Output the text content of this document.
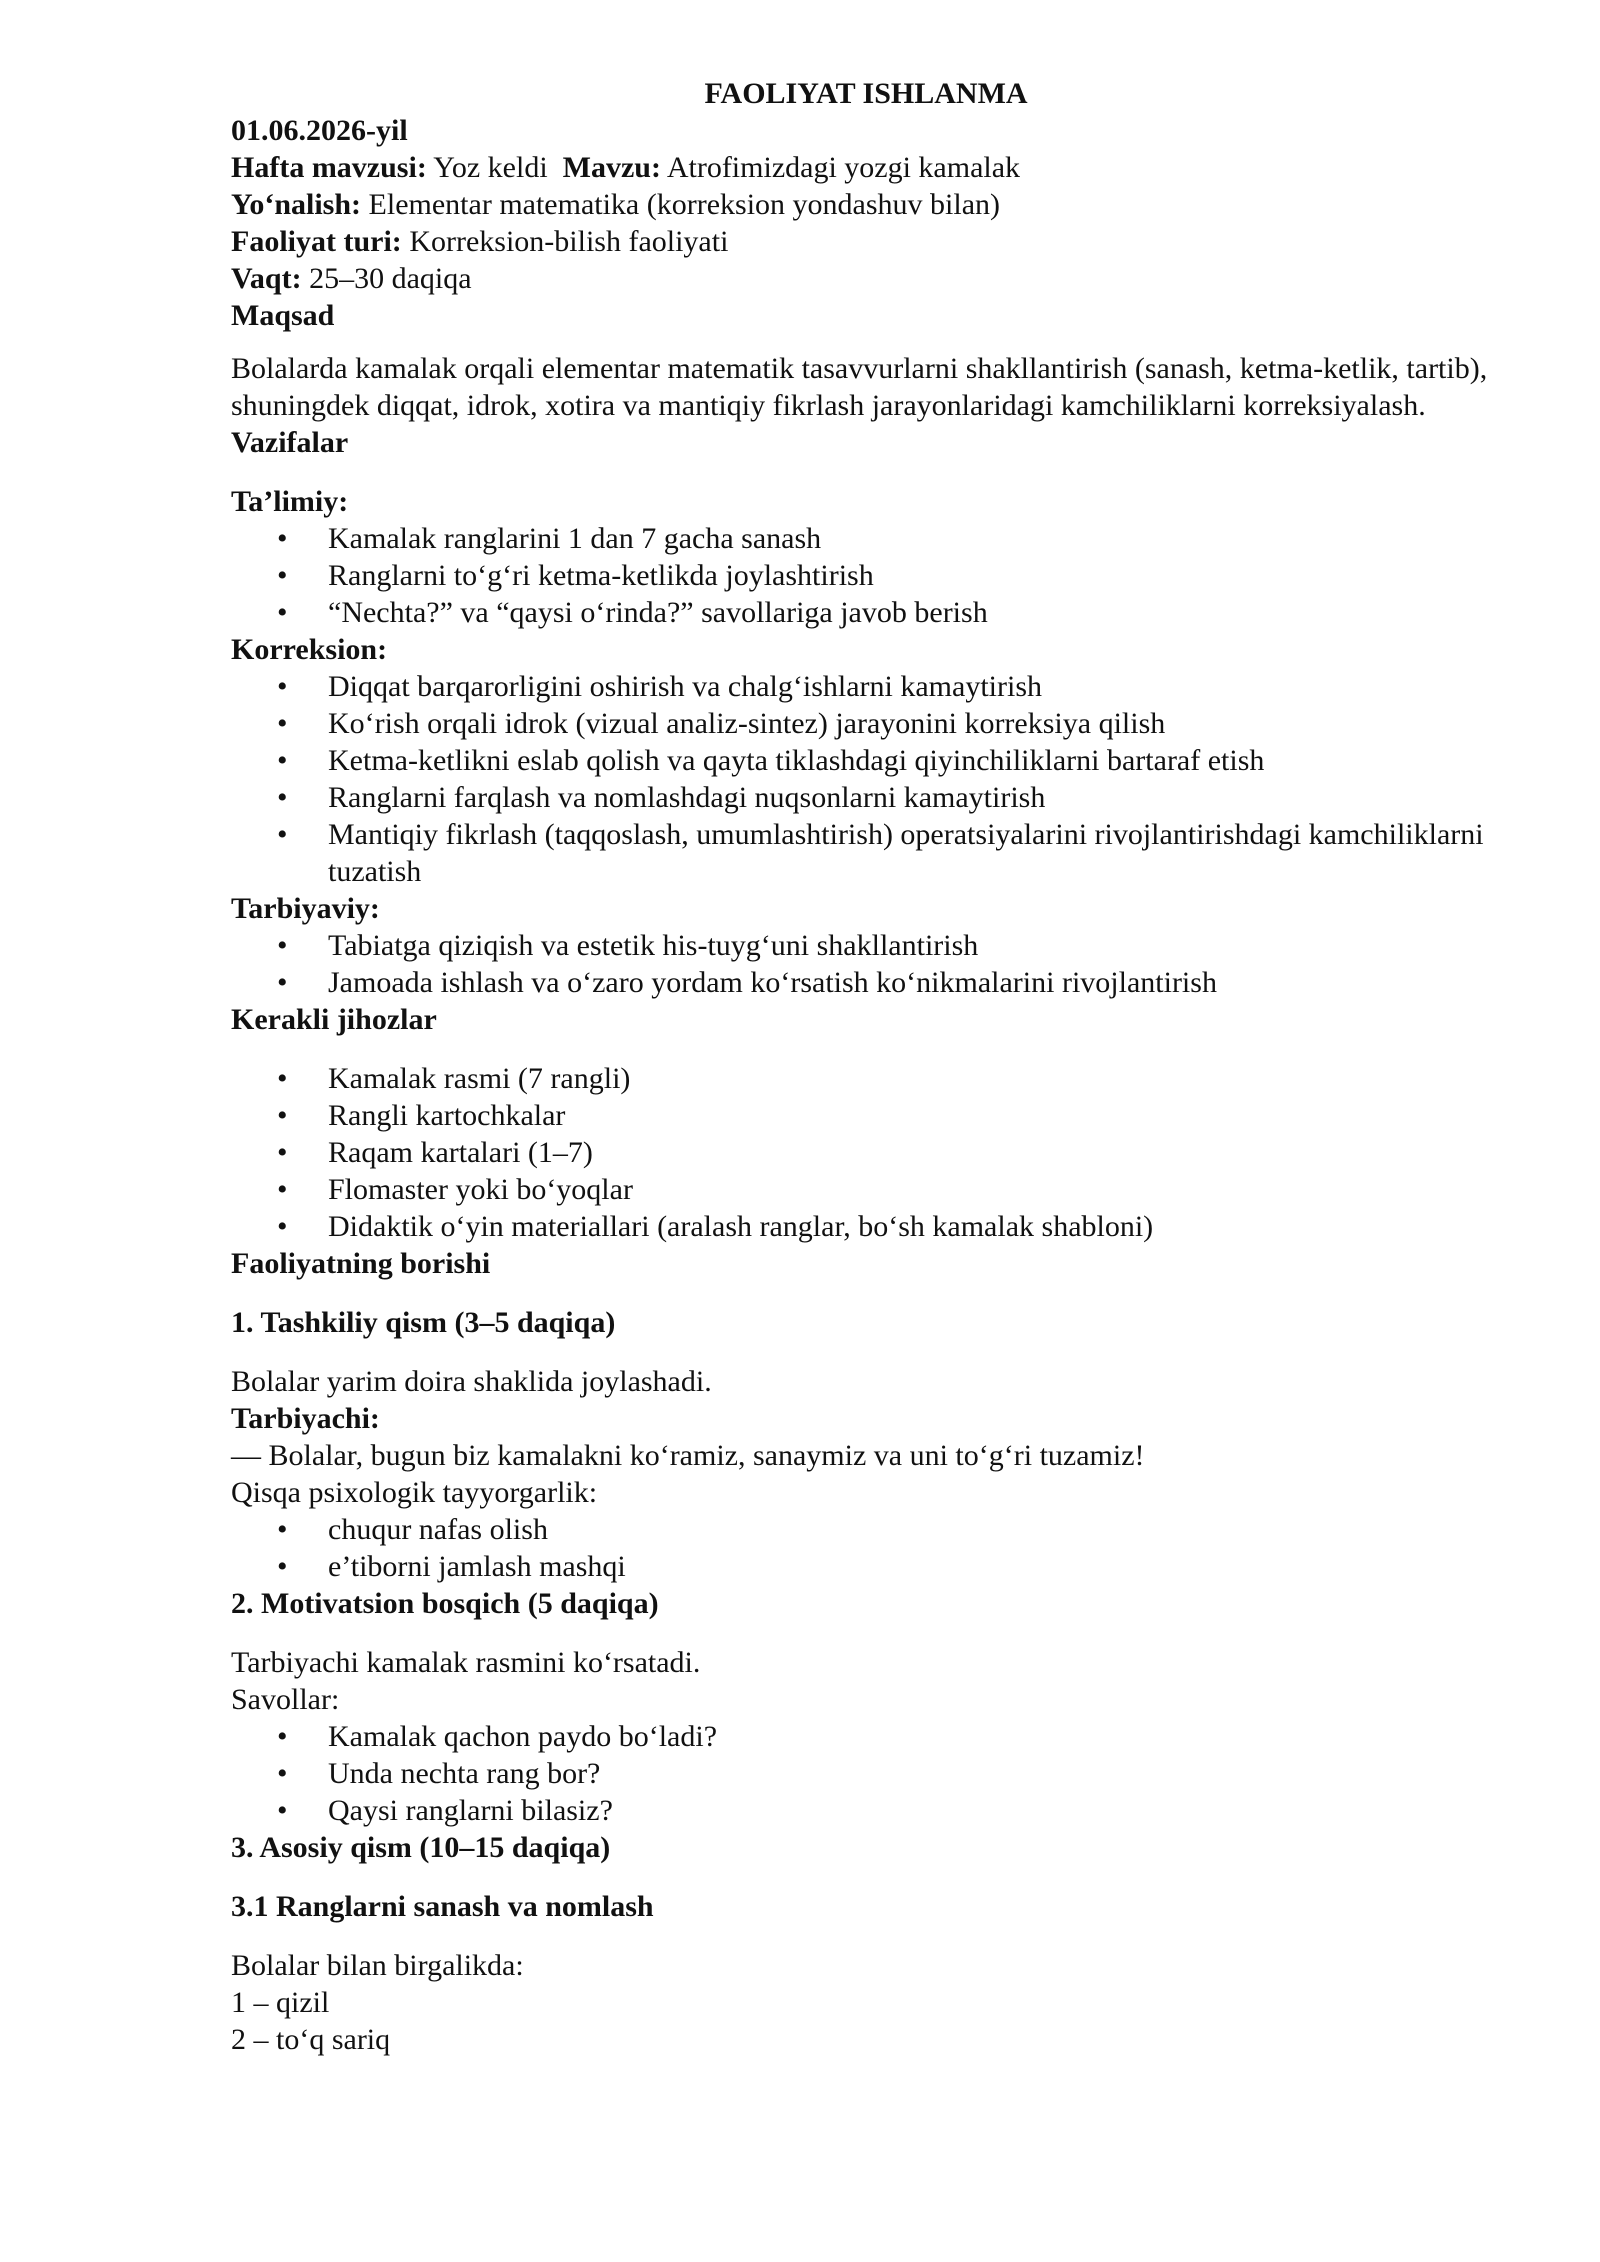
FAOLIYAT ISHLANMA

01.06.2026-yil

Hafta mavzusi: Yoz keldi  Mavzu: Atrofimizdagi yozgi kamalak

Yo‘nalish: Elementar matematika (korreksion yondashuv bilan)

Faoliyat turi: Korreksion-bilish faoliyati

Vaqt: 25–30 daqiqa

Maqsad

Bolalarda kamalak orqali elementar matematik tasavvurlarni shakllantirish (sanash, ketma-ketlik, tartib), shuningdek diqqat, idrok, xotira va mantiqiy fikrlash jarayonlaridagi kamchiliklarni korreksiyalash.

Vazifalar

Ta’limiy:

• Kamalak ranglarini 1 dan 7 gacha sanash
• Ranglarni to‘g‘ri ketma-ketlikda joylashtirish
• “Nechta?” va “qaysi o‘rinda?” savollariga javob berish

Korreksion:

• Diqqat barqarorligini oshirish va chalg‘ishlarni kamaytirish
• Ko‘rish orqali idrok (vizual analiz-sintez) jarayonini korreksiya qilish
• Ketma-ketlikni eslab qolish va qayta tiklashdagi qiyinchiliklarni bartaraf etish
• Ranglarni farqlash va nomlashdagi nuqsonlarni kamaytirish
• Mantiqiy fikrlash (taqqoslash, umumlashtirish) operatsiyalarini rivojlantirishdagi kamchiliklarni tuzatish

Tarbiyaviy:

• Tabiatga qiziqish va estetik his-tuyg‘uni shakllantirish
• Jamoada ishlash va o‘zaro yordam ko‘rsatish ko‘nikmalarini rivojlantirish

Kerakli jihozlar

• Kamalak rasmi (7 rangli)
• Rangli kartochkalar
• Raqam kartalari (1–7)
• Flomaster yoki bo‘yoqlar
• Didaktik o‘yin materiallari (aralash ranglar, bo‘sh kamalak shabloni)

Faoliyatning borishi

1. Tashkiliy qism (3–5 daqiqa)

Bolalar yarim doira shaklida joylashadi.

Tarbiyachi:

— Bolalar, bugun biz kamalakni ko‘ramiz, sanaymiz va uni to‘g‘ri tuzamiz!

Qisqa psixologik tayyorgarlik:

• chuqur nafas olish
• e’tiborni jamlash mashqi

2. Motivatsion bosqich (5 daqiqa)

Tarbiyachi kamalak rasmini ko‘rsatadi.

Savollar:

• Kamalak qachon paydo bo‘ladi?
• Unda nechta rang bor?
• Qaysi ranglarni bilasiz?

3. Asosiy qism (10–15 daqiqa)

3.1 Ranglarni sanash va nomlash

Bolalar bilan birgalikda:

1 – qizil

2 – to‘q sariq
